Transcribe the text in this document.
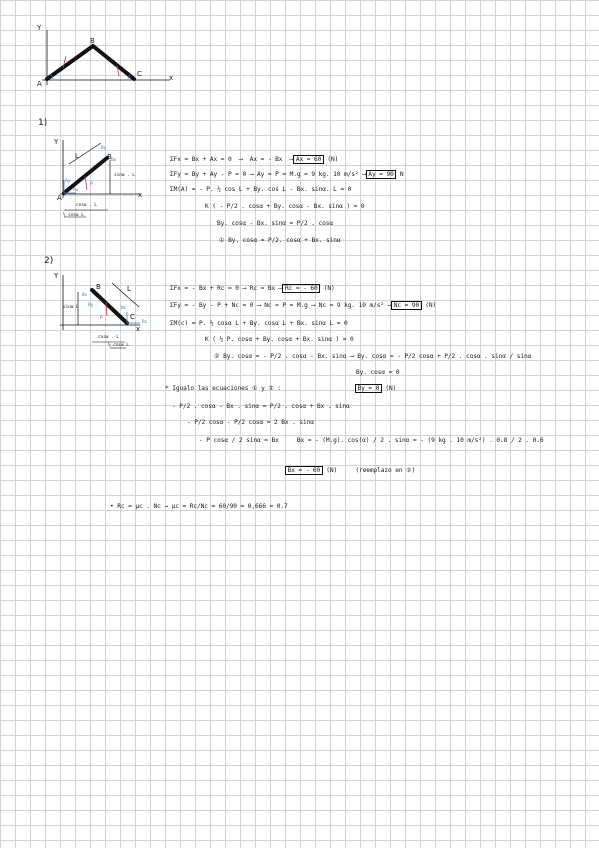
Y
x
A
B
C
1)
Y
x
A
B
L
Ax
Ay
By
Bx
P
sinα . L
cosα . L
½ cosα L
ΣFx = Bx + Ax = 0  ⟶  Ax = - Bx  ⟶ Ax = 60 (N)
ΣFy = By + Ay - P = 0 ⟶ Ay = P = M.g = 9 kg. 10 m/s² ⟶ Ay = 90 N
ΣM(A) = - P. ½ cos L + By. cos L - Bx. sinα. L = 0
K ( - P/2 . cosα + By. cosα - Bx. sinα ) = 0
By. cosα - Bx. sinα = P/2 . cosα
① By. cosα = P/2. cosα + Bx. sinα
2)
Y
x
B
C
L
By
Bx
Rc
Nc
P
sinα L
cosα . L
½ cosα L
ΣFx = - Bx + Rc = 0 ⟶ Rc = Bx ⟶ Rc = - 60 (N)
ΣFy = - By - P + Nc = 0 ⟶ Nc = P = M.g ⟶ Nc = 9 kg. 10 m/s² ⟶ Nc = 90 (N)
ΣM(c) = P. ½ cosα L + By. cosα L + Bx. sinα L = 0
K ( ½ P. cosα + By. cosα + Bx. sinα ) = 0
② By. cosα = - P/2 . cosα - Bx. sinα ⟶ By. cosα = - P/2 cosα + P/2 . cosα . sinα / sinα
By. cosα = 0
By = 0 (N)
* Igualo las ecuaciones ① y ② :
- P/2 . cosα - Bx . sinα = P/2 . cosα + Bx . sinα
- P/2 cosα - P/2 cosα = 2 Bx . sinα
- P cosα / 2 sinα = Bx	Bx = - (M.g). cos(α) / 2 . sinα = - (9 kg . 10 m/s²) . 0.8 / 2 . 0.6
Bx = - 60 (N)	(reemplazo en ②)
• Rc = μc . Nc → μc = Rc/Nc = 60/90 = 0,666 ≈ 0.7
